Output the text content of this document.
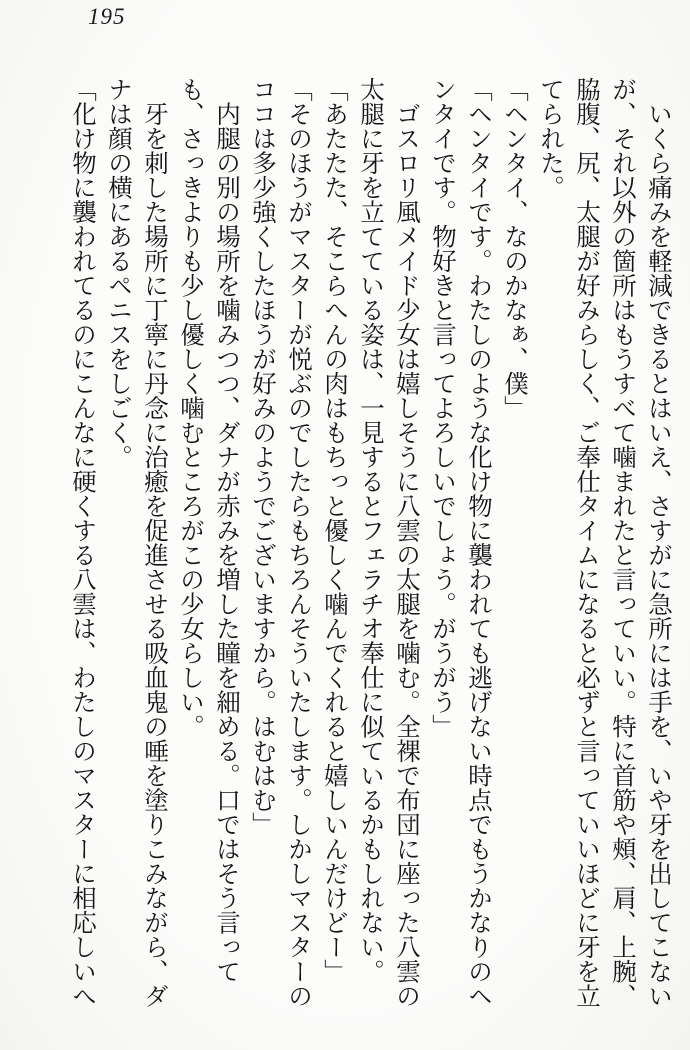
195

　いくら痛みを軽減できるとはいえ、さすがに急所には手を、いや牙を出してこないが、それ以外の箇所はもうすべて噛まれたと言っていい。特に首筋や頰、肩、上腕、脇腹、尻、太腿が好みらしく、ご奉仕タイムになると必ずと言っていいほどに牙を立てられた。

「ヘンタイ、なのかなぁ、僕」

「ヘンタイです。わたしのような化け物に襲われても逃げない時点でもうかなりのヘンタイです。物好きと言ってよろしいでしょう。がうがう」

　ゴスロリ風メイド少女は嬉しそうに八雲の太腿を噛む。全裸で布団に座った八雲の太腿に牙を立てている姿は、一見するとフェラチオ奉仕に似ているかもしれない。

「あたたた、そこらへんの肉はもちっと優しく噛んでくれると嬉しいんだけどー」

「そのほうがマスターが悦ぶのでしたらもちろんそういたします。しかしマスターのココは多少強くしたほうが好みのようでございますから。はむはむ」

　内腿の別の場所を噛みつつ、ダナが赤みを増した瞳を細める。口ではそう言っても、さっきよりも少し優しく噛むところがこの少女らしい。

　牙を刺した場所に丁寧に丹念に治癒を促進させる吸血鬼の唾を塗りこみながら、ダナは顔の横にあるペニスをしごく。

「化け物に襲われてるのにこんなに硬くする八雲は、わたしのマスターに相応しいへ
